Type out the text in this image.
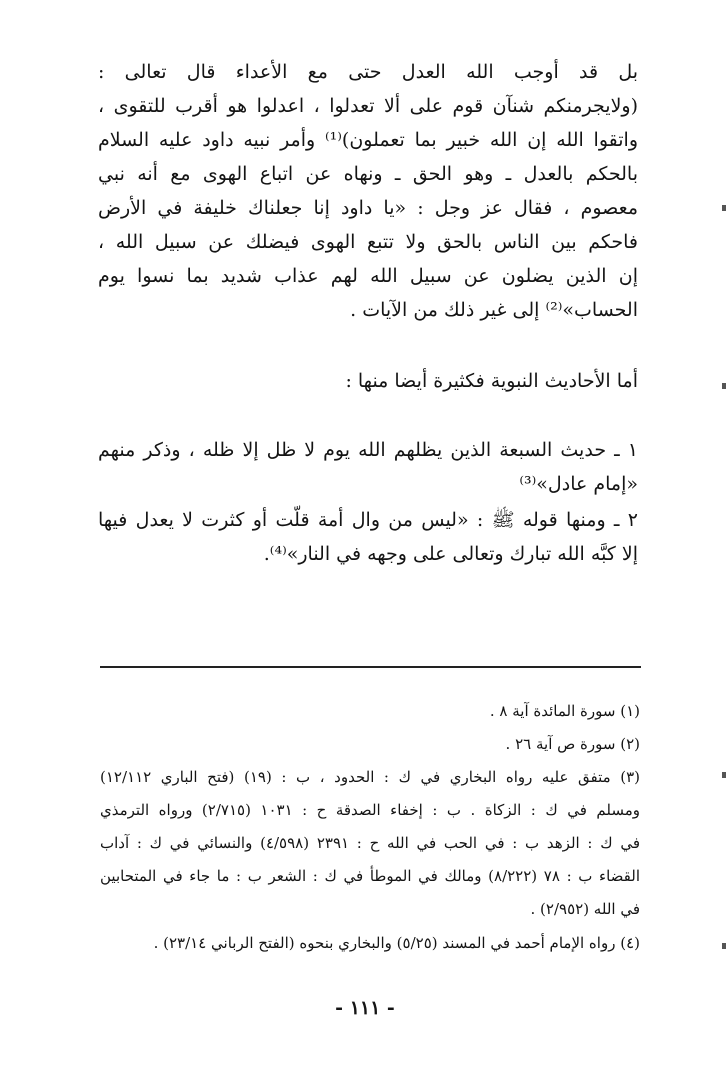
بل قد أوجب الله العدل حتى مع الأعداء قال تعالى :
(ولايجرمنكم شنآن قوم على ألا تعدلوا ، اعدلوا هو أقرب للتقوى ،
واتقوا الله إن الله خبير بما تعملون)⁽¹⁾ وأمر نبيه داود عليه السلام
بالحكم بالعدل ـ وهو الحق ـ ونهاه عن اتباع الهوى مع أنه نبي
معصوم ، فقال عز وجل : «يا داود إنا جعلناك خليفة في الأرض
فاحكم بين الناس بالحق ولا تتبع الهوى فيضلك عن سبيل الله ،
إن الذين يضلون عن سبيل الله لهم عذاب شديد بما نسوا يوم
الحساب»⁽²⁾ إلى غير ذلك من الآيات .
أما الأحاديث النبوية فكثيرة أيضا منها :
١ ـ حديث السبعة الذين يظلهم الله يوم لا ظل إلا ظله ، وذكر منهم
«إمام عادل»⁽³⁾
٢ ـ ومنها قوله ﷺ : «ليس من وال أمة قلّت أو كثرت لا يعدل فيها
إلا كبَّه الله تبارك وتعالى على وجهه في النار»⁽⁴⁾.
(١) سورة المائدة آية ٨ .
(٢) سورة ص آية ٢٦ .
(٣) متفق عليه رواه البخاري في ك : الحدود ، ب : (١٩) (فتح الباري ١٢/١١٢)
ومسلم في ك : الزكاة . ب : إخفاء الصدقة ح : ١٠٣١ (٢/٧١٥) ورواه الترمذي
في ك : الزهد ب : في الحب في الله ح : ٢٣٩١ (٤/٥٩٨) والنسائي في ك : آداب
القضاء ب : ٧٨ (٨/٢٢٢) ومالك في الموطأ في ك : الشعر ب : ما جاء في المتحابين
في الله (٢/٩٥٢) .
(٤) رواه الإمام أحمد في المسند (٥/٢٥) والبخاري بنحوه (الفتح الرباني ٢٣/١٤) .
- ١١١ -
